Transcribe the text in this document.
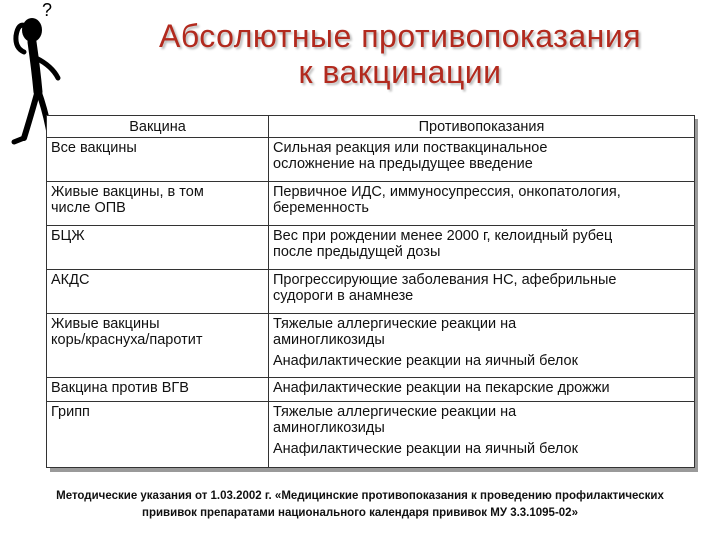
?
Абсолютные противопоказания
к вакцинации
Вакцина	Противопоказания

Все вакцины	Сильная реакция или поствакцинальное
осложнение на предыдущее введение

Живые вакцины, в том
числе ОПВ	Первичное ИДС, иммуносупрессия, онкопатология,
беременность

БЦЖ	Вес при рождении менее 2000 г, келоидный рубец
после предыдущей дозы

АКДС	Прогрессирующие заболевания НС, афебрильные
судороги в анамнезе

Живые вакцины
корь/краснуха/паротит	Тяжелые аллергические реакции на
аминогликозиды
Анафилактические реакции на яичный белок

Вакцина против ВГВ	Анафилактические реакции на пекарские дрожжи

Грипп	Тяжелые аллергические реакции на
аминогликозиды
Анафилактические реакции на яичный белок
Методические указания от 1.03.2002 г. «Медицинские противопоказания к проведению профилактических
прививок препаратами национального календаря прививок МУ 3.3.1095-02»
